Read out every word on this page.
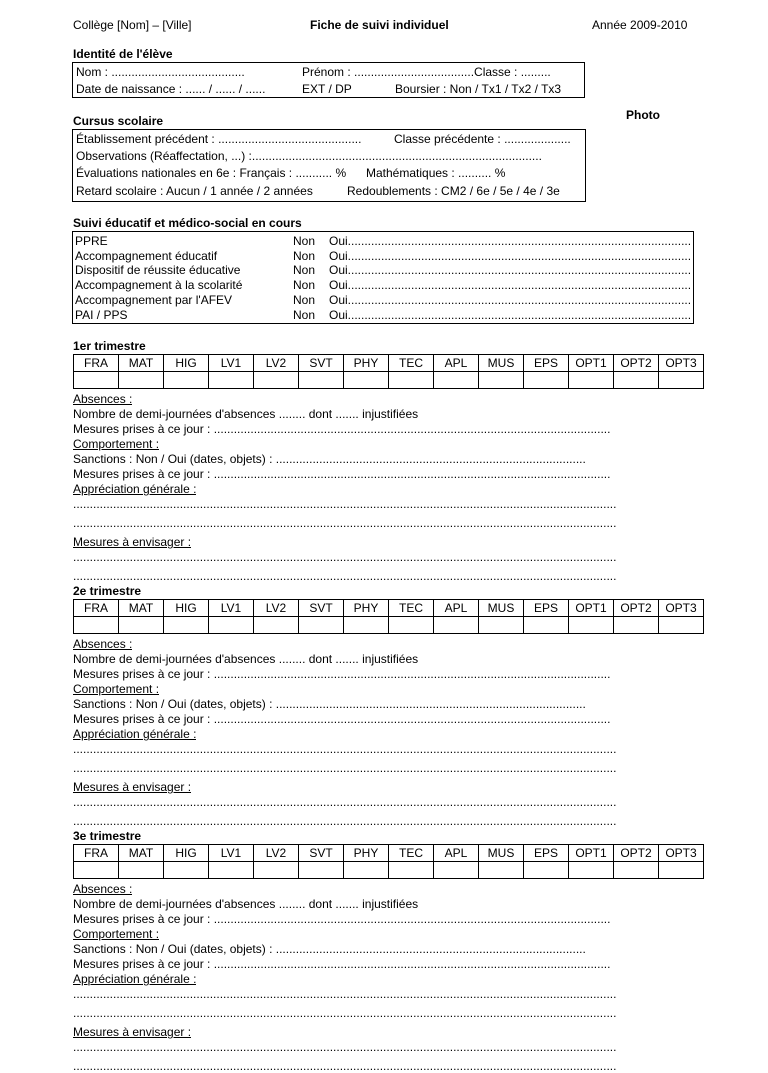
Collège [Nom] – [Ville]	Fiche de suivi individuel	Année 2009-2010
Identité de l'élève
Nom : ........................................	Prénom : ....................................Classe : .........
Date de naissance : ...... / ...... / ......	EXT / DP	Boursier : Non / Tx1 / Tx2 / Tx3
Photo
Cursus scolaire
Établissement précédent : ...........................................	Classe précédente : ....................
Observations (Réaffectation, ...) :.......................................................................................
Évaluations nationales en 6e : Français : ........... % Mathématiques : .......... %
Retard scolaire : Aucun / 1 année / 2 années	Redoublements : CM2 / 6e / 5e / 4e / 3e
Suivi éducatif et médico-social en cours
PPRE	Non Oui.......................................................................................................
Accompagnement éducatif	Non Oui.......................................................................................................
Dispositif de réussite éducative	Non Oui.......................................................................................................
Accompagnement à la scolarité	Non Oui.......................................................................................................
Accompagnement par l'AFEV	Non Oui.......................................................................................................
PAI / PPS	Non Oui.......................................................................................................
1er trimestre
FRA	MAT	HIG	LV1	LV2	SVT	PHY	TEC	APL	MUS	EPS	OPT1	OPT2	OPT3

Absences :
Nombre de demi-journées d'absences ........ dont ....... injustifiées
Mesures prises à ce jour : .......................................................................................................................
Comportement :
Sanctions : Non / Oui (dates, objets) : .............................................................................................
Mesures prises à ce jour : .......................................................................................................................
Appréciation générale :
...................................................................................................................................................................
...................................................................................................................................................................
Mesures à envisager :
...................................................................................................................................................................
...................................................................................................................................................................
2e trimestre
FRA	MAT	HIG	LV1	LV2	SVT	PHY	TEC	APL	MUS	EPS	OPT1	OPT2	OPT3

Absences :
Nombre de demi-journées d'absences ........ dont ....... injustifiées
Mesures prises à ce jour : .......................................................................................................................
Comportement :
Sanctions : Non / Oui (dates, objets) : .............................................................................................
Mesures prises à ce jour : .......................................................................................................................
Appréciation générale :
...................................................................................................................................................................
...................................................................................................................................................................
Mesures à envisager :
...................................................................................................................................................................
...................................................................................................................................................................
3e trimestre
FRA	MAT	HIG	LV1	LV2	SVT	PHY	TEC	APL	MUS	EPS	OPT1	OPT2	OPT3

Absences :
Nombre de demi-journées d'absences ........ dont ....... injustifiées
Mesures prises à ce jour : .......................................................................................................................
Comportement :
Sanctions : Non / Oui (dates, objets) : .............................................................................................
Mesures prises à ce jour : .......................................................................................................................
Appréciation générale :
...................................................................................................................................................................
...................................................................................................................................................................
Mesures à envisager :
...................................................................................................................................................................
...................................................................................................................................................................
